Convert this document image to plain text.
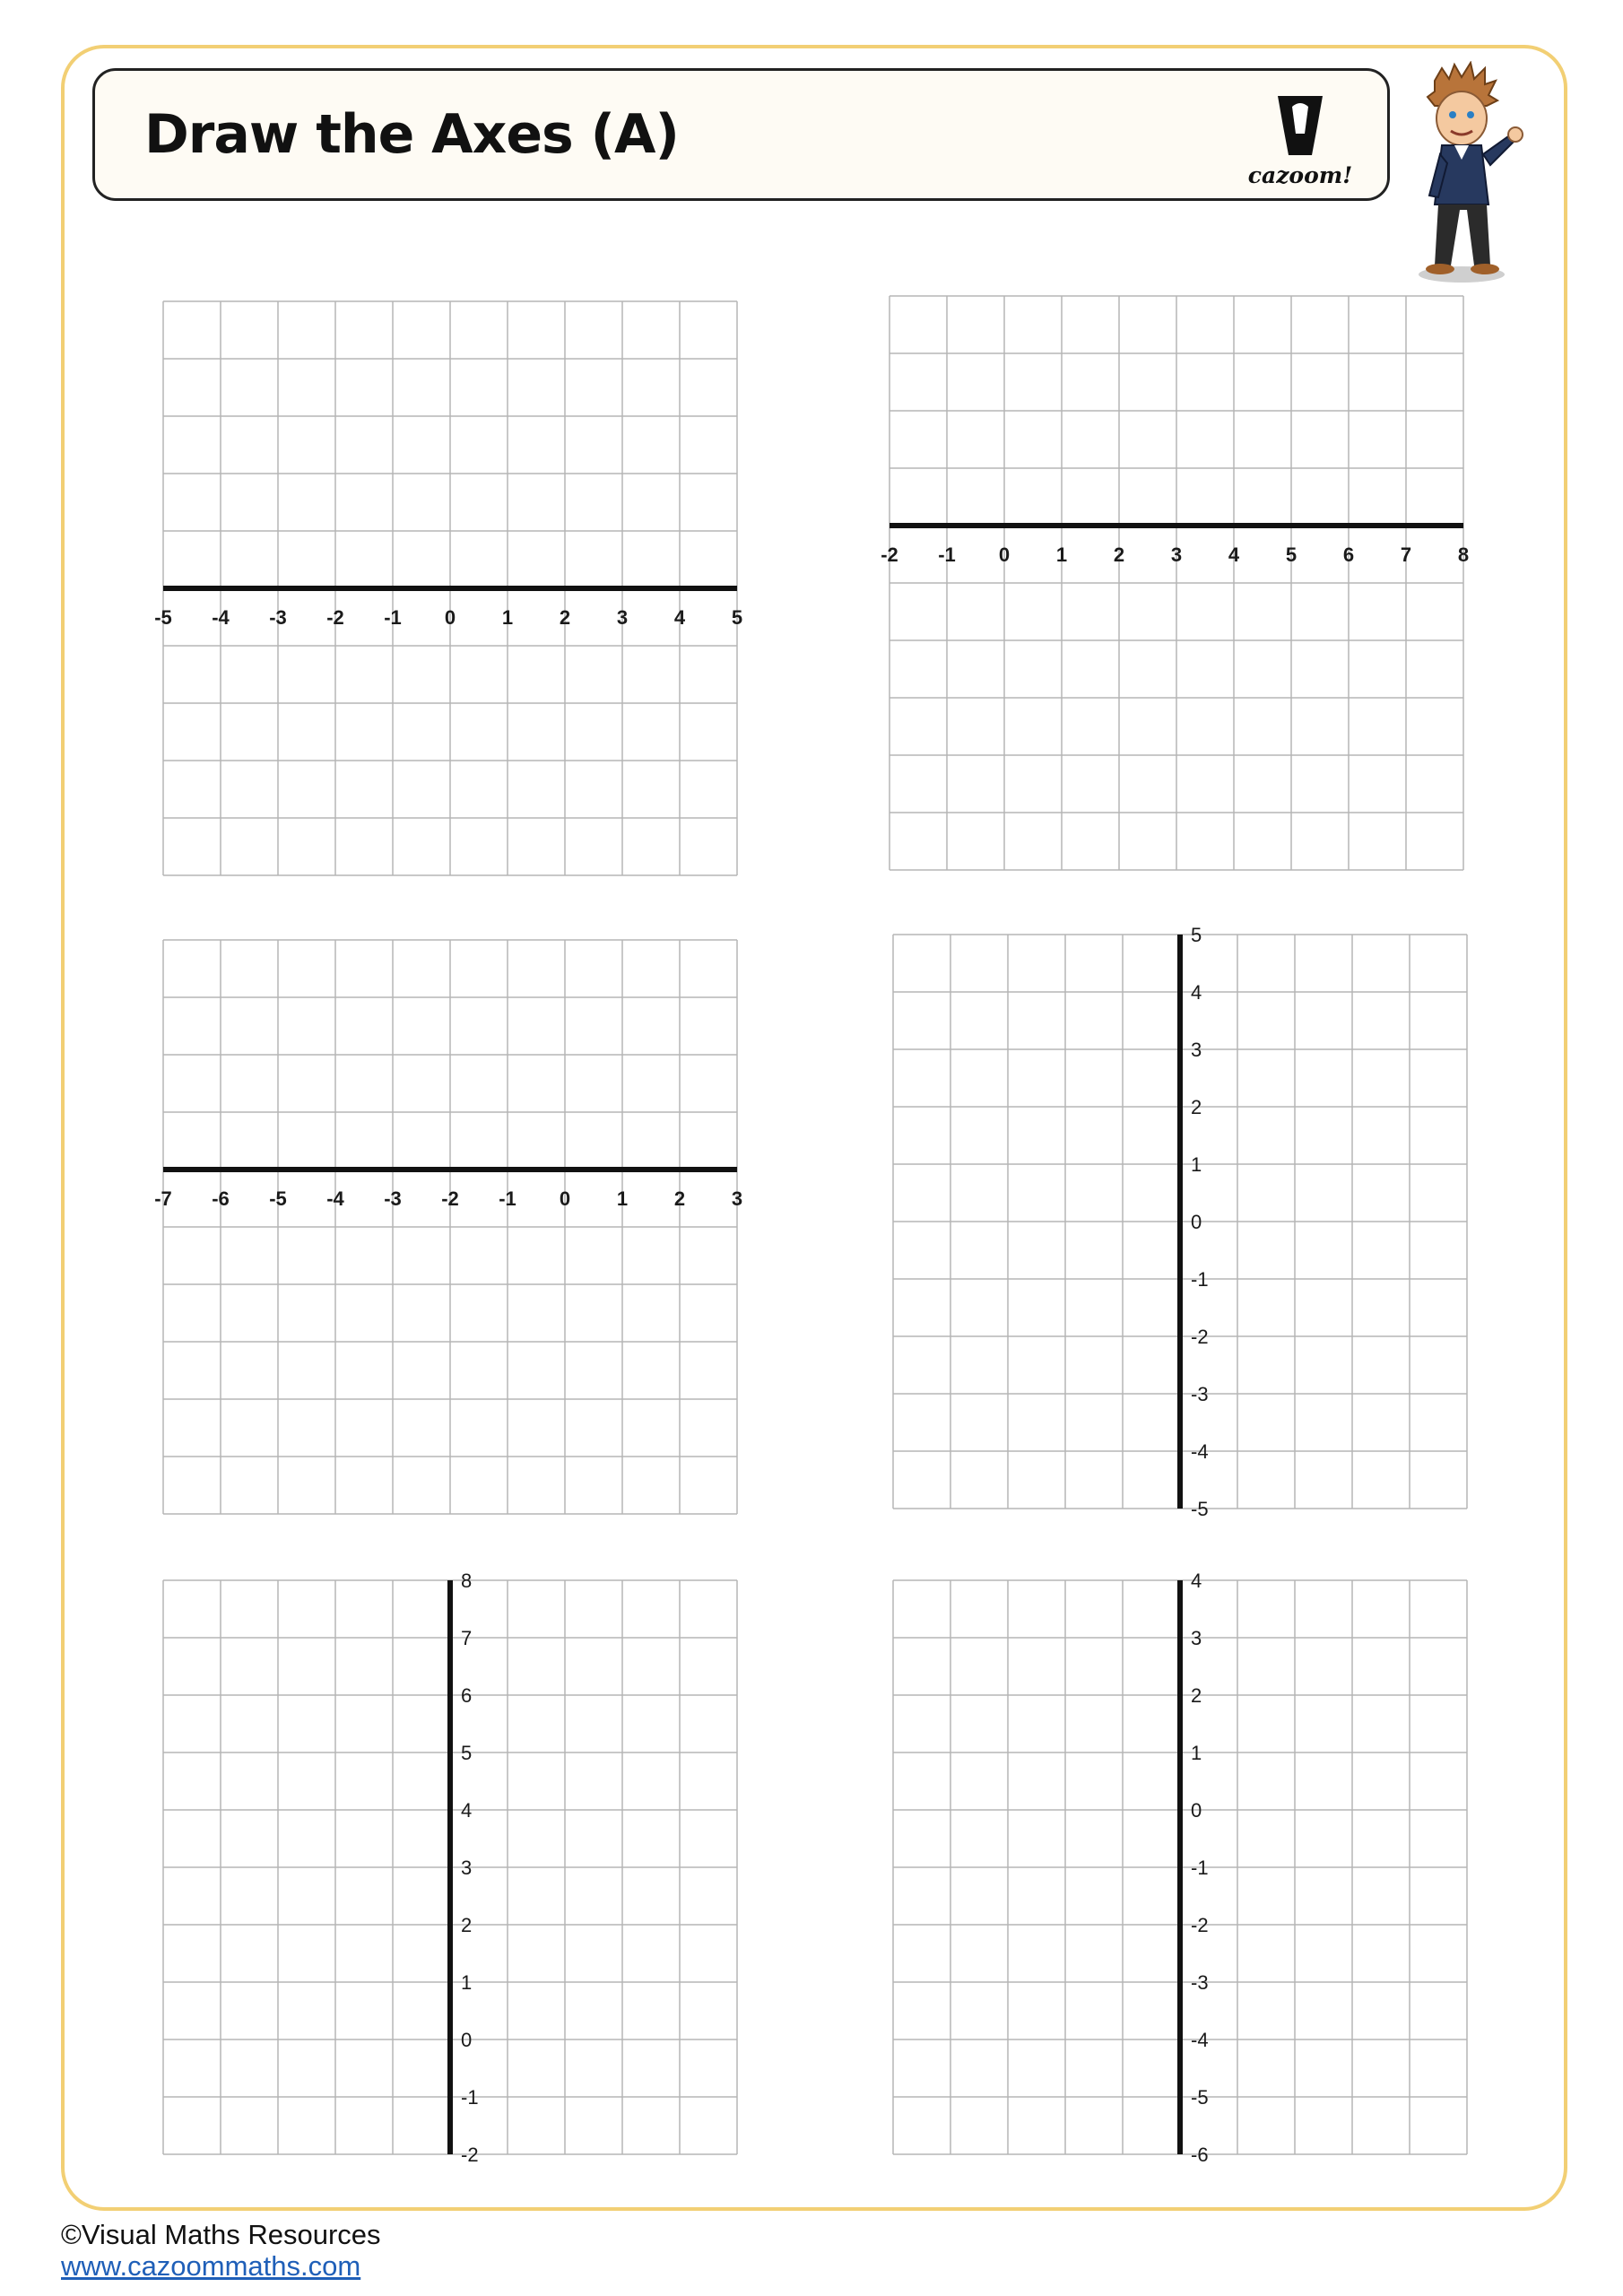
Draw the Axes (A)
cazoom!
-5 -4 -3 -2 -1 0 1 2 3 4 5
-2 -1 0 1 2 3 4 5 6 7 8
-7 -6 -5 -4 -3 -2 -1 0 1 2 3
5
4
3
2
1
0
-1
-2
-3
-4
-5
8
7
6
5
4
3
2
1
0
-1
-2
4
3
2
1
0
-1
-2
-3
-4
-5
-6
©Visual Maths Resources
www.cazoommaths.com
